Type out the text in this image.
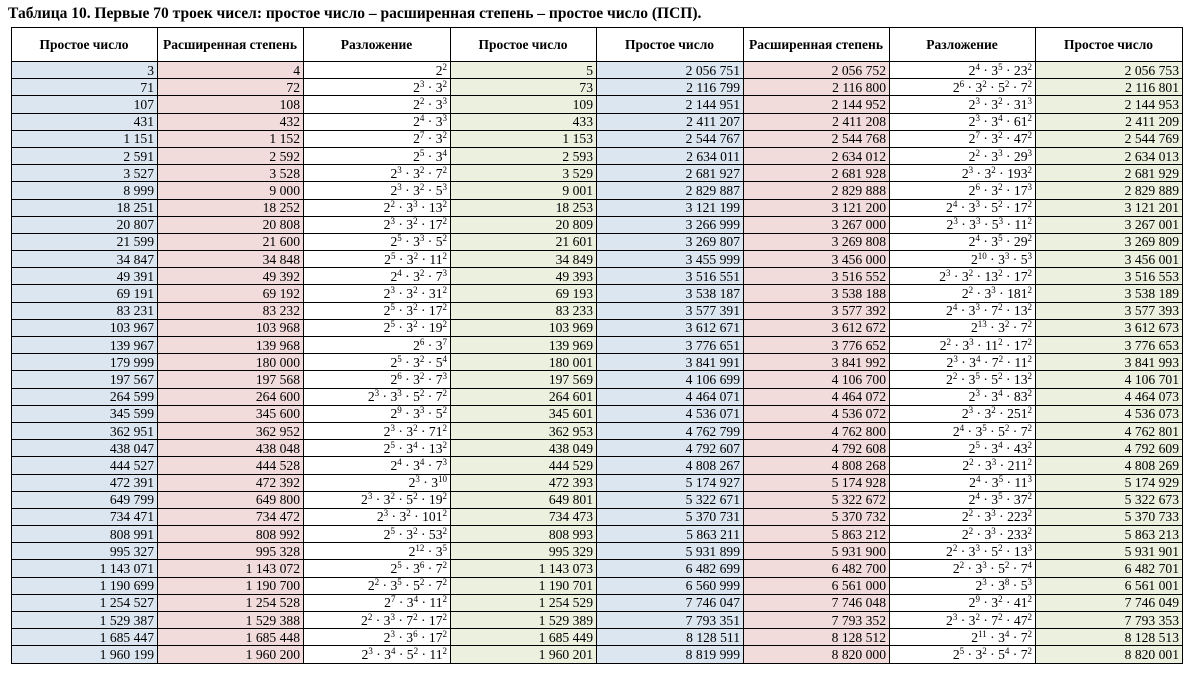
Таблица 10. Первые 70 троек чисел: простое число – расширенная степень – простое число (ПСП).
Простое число	Расширенная степень	Разложение	Простое число	Простое число	Расширенная степень	Разложение	Простое число
3	4	$2^2$	5	2 056 751	2 056 752	$2^4 \cdot 3^5 \cdot 23^2$	2 056 753
71	72	$2^3 \cdot 3^2$	73	2 116 799	2 116 800	$2^6 \cdot 3^2 \cdot 5^2 \cdot 7^2$	2 116 801
107	108	$2^2 \cdot 3^3$	109	2 144 951	2 144 952	$2^3 \cdot 3^2 \cdot 31^3$	2 144 953
431	432	$2^4 \cdot 3^3$	433	2 411 207	2 411 208	$2^3 \cdot 3^4 \cdot 61^2$	2 411 209
1 151	1 152	$2^7 \cdot 3^2$	1 153	2 544 767	2 544 768	$2^7 \cdot 3^2 \cdot 47^2$	2 544 769
2 591	2 592	$2^5 \cdot 3^4$	2 593	2 634 011	2 634 012	$2^2 \cdot 3^3 \cdot 29^3$	2 634 013
3 527	3 528	$2^3 \cdot 3^2 \cdot 7^2$	3 529	2 681 927	2 681 928	$2^3 \cdot 3^2 \cdot 193^2$	2 681 929
8 999	9 000	$2^3 \cdot 3^2 \cdot 5^3$	9 001	2 829 887	2 829 888	$2^6 \cdot 3^2 \cdot 17^3$	2 829 889
18 251	18 252	$2^2 \cdot 3^3 \cdot 13^2$	18 253	3 121 199	3 121 200	$2^4 \cdot 3^3 \cdot 5^2 \cdot 17^2$	3 121 201
20 807	20 808	$2^3 \cdot 3^2 \cdot 17^2$	20 809	3 266 999	3 267 000	$2^3 \cdot 3^3 \cdot 5^3 \cdot 11^2$	3 267 001
21 599	21 600	$2^5 \cdot 3^3 \cdot 5^2$	21 601	3 269 807	3 269 808	$2^4 \cdot 3^5 \cdot 29^2$	3 269 809
34 847	34 848	$2^5 \cdot 3^2 \cdot 11^2$	34 849	3 455 999	3 456 000	$2^{10} \cdot 3^3 \cdot 5^3$	3 456 001
49 391	49 392	$2^4 \cdot 3^2 \cdot 7^3$	49 393	3 516 551	3 516 552	$2^3 \cdot 3^2 \cdot 13^2 \cdot 17^2$	3 516 553
69 191	69 192	$2^3 \cdot 3^2 \cdot 31^2$	69 193	3 538 187	3 538 188	$2^2 \cdot 3^3 \cdot 181^2$	3 538 189
83 231	83 232	$2^5 \cdot 3^2 \cdot 17^2$	83 233	3 577 391	3 577 392	$2^4 \cdot 3^3 \cdot 7^2 \cdot 13^2$	3 577 393
103 967	103 968	$2^5 \cdot 3^2 \cdot 19^2$	103 969	3 612 671	3 612 672	$2^{13} \cdot 3^2 \cdot 7^2$	3 612 673
139 967	139 968	$2^6 \cdot 3^7$	139 969	3 776 651	3 776 652	$2^2 \cdot 3^3 \cdot 11^2 \cdot 17^2$	3 776 653
179 999	180 000	$2^5 \cdot 3^2 \cdot 5^4$	180 001	3 841 991	3 841 992	$2^3 \cdot 3^4 \cdot 7^2 \cdot 11^2$	3 841 993
197 567	197 568	$2^6 \cdot 3^2 \cdot 7^3$	197 569	4 106 699	4 106 700	$2^2 \cdot 3^5 \cdot 5^2 \cdot 13^2$	4 106 701
264 599	264 600	$2^3 \cdot 3^3 \cdot 5^2 \cdot 7^2$	264 601	4 464 071	4 464 072	$2^3 \cdot 3^4 \cdot 83^2$	4 464 073
345 599	345 600	$2^9 \cdot 3^3 \cdot 5^2$	345 601	4 536 071	4 536 072	$2^3 \cdot 3^2 \cdot 251^2$	4 536 073
362 951	362 952	$2^3 \cdot 3^2 \cdot 71^2$	362 953	4 762 799	4 762 800	$2^4 \cdot 3^5 \cdot 5^2 \cdot 7^2$	4 762 801
438 047	438 048	$2^5 \cdot 3^4 \cdot 13^2$	438 049	4 792 607	4 792 608	$2^5 \cdot 3^4 \cdot 43^2$	4 792 609
444 527	444 528	$2^4 \cdot 3^4 \cdot 7^3$	444 529	4 808 267	4 808 268	$2^2 \cdot 3^3 \cdot 211^2$	4 808 269
472 391	472 392	$2^3 \cdot 3^{10}$	472 393	5 174 927	5 174 928	$2^4 \cdot 3^5 \cdot 11^3$	5 174 929
649 799	649 800	$2^3 \cdot 3^2 \cdot 5^2 \cdot 19^2$	649 801	5 322 671	5 322 672	$2^4 \cdot 3^5 \cdot 37^2$	5 322 673
734 471	734 472	$2^3 \cdot 3^2 \cdot 101^2$	734 473	5 370 731	5 370 732	$2^2 \cdot 3^3 \cdot 223^2$	5 370 733
808 991	808 992	$2^5 \cdot 3^2 \cdot 53^2$	808 993	5 863 211	5 863 212	$2^2 \cdot 3^3 \cdot 233^2$	5 863 213
995 327	995 328	$2^{12} \cdot 3^5$	995 329	5 931 899	5 931 900	$2^2 \cdot 3^3 \cdot 5^2 \cdot 13^3$	5 931 901
1 143 071	1 143 072	$2^5 \cdot 3^6 \cdot 7^2$	1 143 073	6 482 699	6 482 700	$2^2 \cdot 3^3 \cdot 5^2 \cdot 7^4$	6 482 701
1 190 699	1 190 700	$2^2 \cdot 3^5 \cdot 5^2 \cdot 7^2$	1 190 701	6 560 999	6 561 000	$2^3 \cdot 3^8 \cdot 5^3$	6 561 001
1 254 527	1 254 528	$2^7 \cdot 3^4 \cdot 11^2$	1 254 529	7 746 047	7 746 048	$2^9 \cdot 3^2 \cdot 41^2$	7 746 049
1 529 387	1 529 388	$2^2 \cdot 3^3 \cdot 7^2 \cdot 17^2$	1 529 389	7 793 351	7 793 352	$2^3 \cdot 3^2 \cdot 7^2 \cdot 47^2$	7 793 353
1 685 447	1 685 448	$2^3 \cdot 3^6 \cdot 17^2$	1 685 449	8 128 511	8 128 512	$2^{11} \cdot 3^4 \cdot 7^2$	8 128 513
1 960 199	1 960 200	$2^3 \cdot 3^4 \cdot 5^2 \cdot 11^2$	1 960 201	8 819 999	8 820 000	$2^5 \cdot 3^2 \cdot 5^4 \cdot 7^2$	8 820 001
